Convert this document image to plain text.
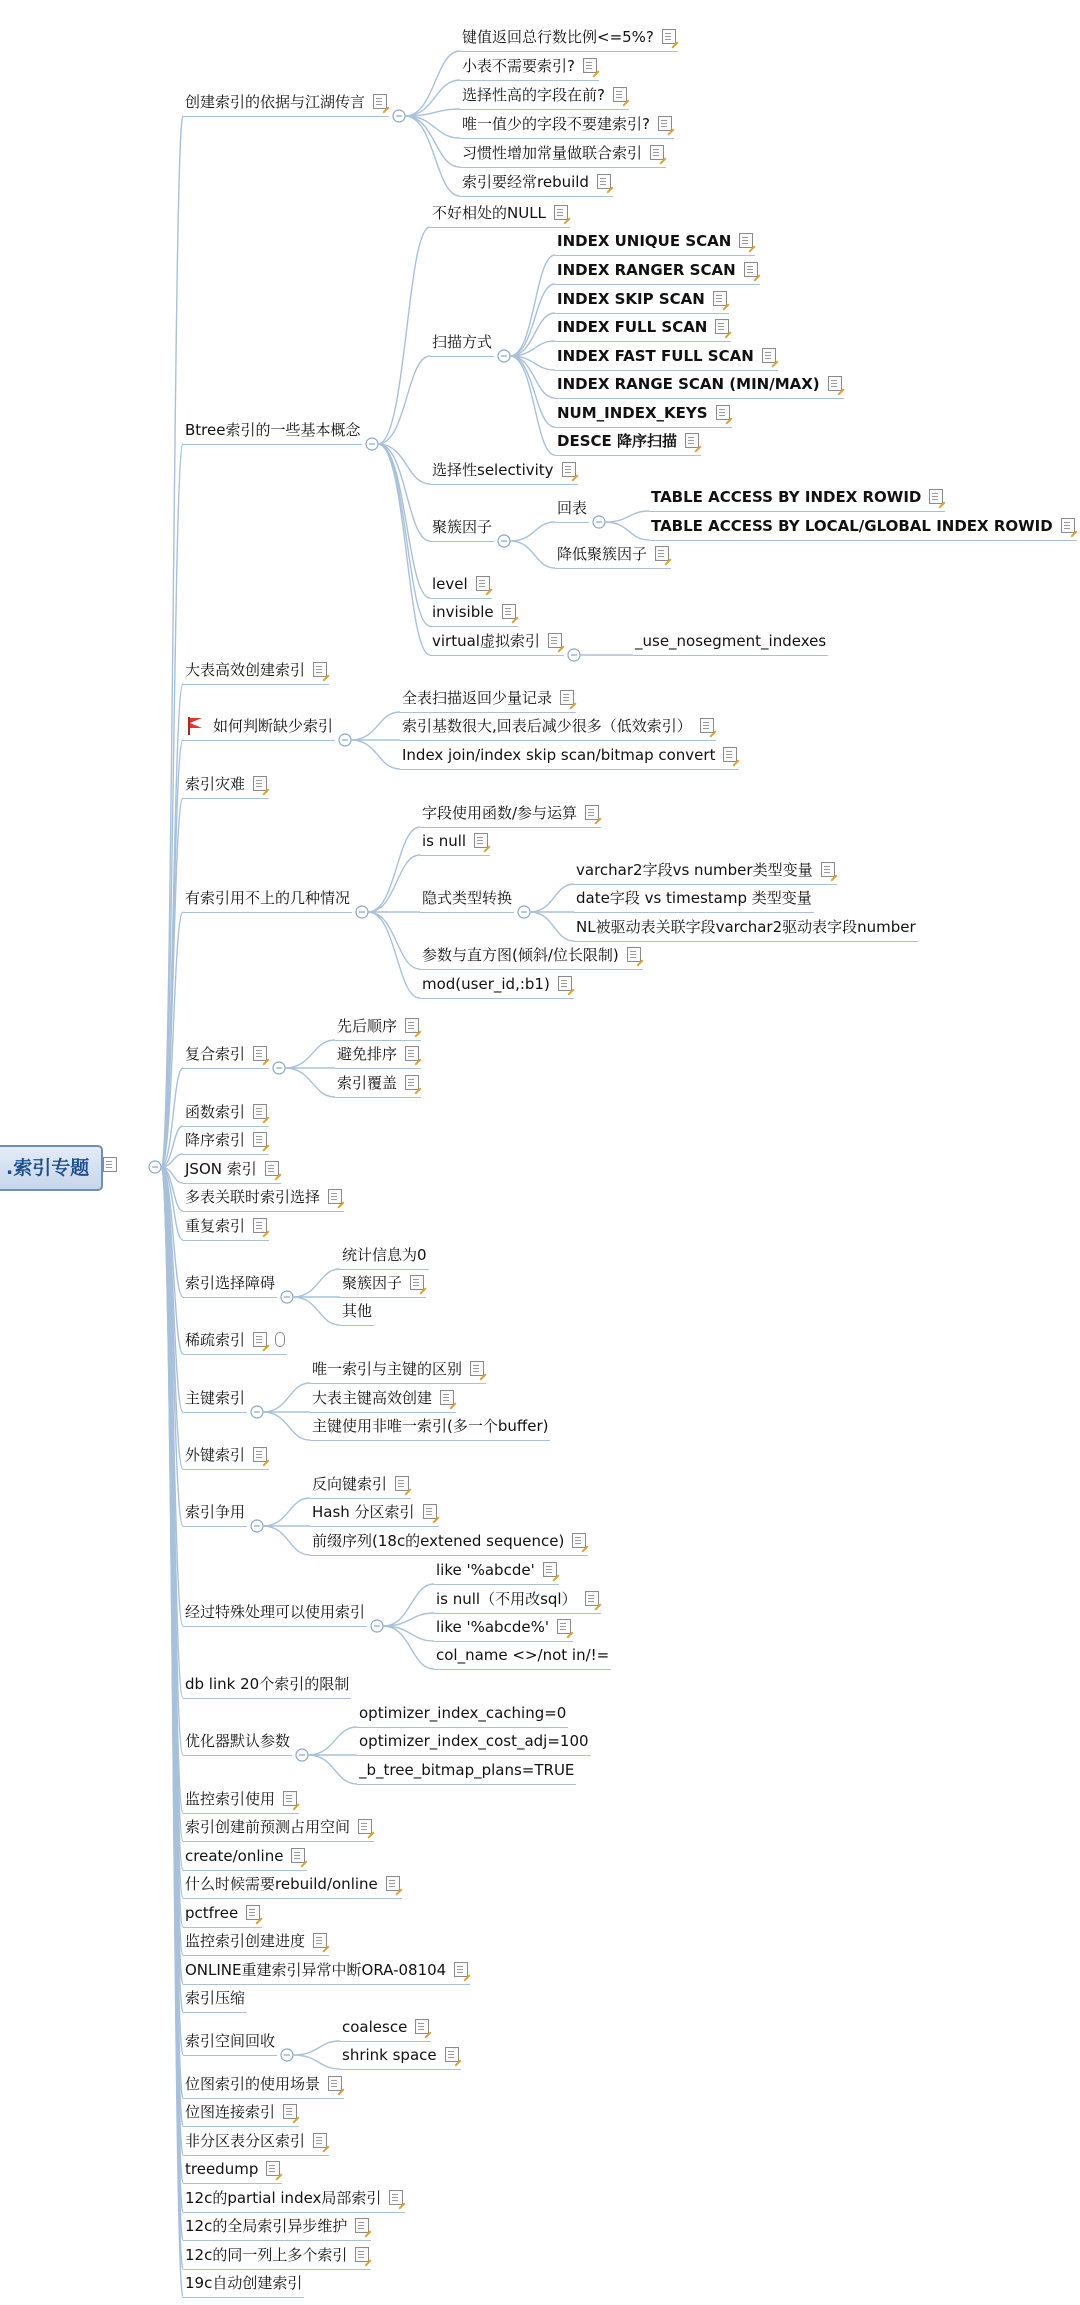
.索引专题
创建索引的依据与江湖传言
键值返回总行数比例<=5%?
小表不需要索引?
选择性高的字段在前?
唯一值少的字段不要建索引?
习惯性增加常量做联合索引
索引要经常rebuild
Btree索引的一些基本概念
不好相处的NULL
扫描方式
INDEX UNIQUE SCAN
INDEX RANGER SCAN
INDEX SKIP SCAN
INDEX FULL SCAN
INDEX FAST FULL SCAN
INDEX RANGE SCAN (MIN/MAX)
NUM_INDEX_KEYS
DESCE 降序扫描
选择性selectivity
聚簇因子
回表
TABLE ACCESS BY INDEX ROWID
TABLE ACCESS BY LOCAL/GLOBAL INDEX ROWID
降低聚簇因子
level
invisible
virtual虚拟索引	_use_nosegment_indexes
大表高效创建索引
如何判断缺少索引
全表扫描返回少量记录
索引基数很大,回表后减少很多（低效索引）
Index join/index skip scan/bitmap convert
索引灾难
有索引用不上的几种情况
字段使用函数/参与运算
is null
隐式类型转换
varchar2字段vs number类型变量
date字段 vs timestamp 类型变量
NL被驱动表关联字段varchar2驱动表字段number
参数与直方图(倾斜/位长限制)
mod(user_id,:b1)
复合索引
先后顺序
避免排序
索引覆盖
函数索引
降序索引
JSON 索引
多表关联时索引选择
重复索引
索引选择障碍
统计信息为0
聚簇因子
其他
稀疏索引
主键索引
唯一索引与主键的区别
大表主键高效创建
主键使用非唯一索引(多一个buffer)
外键索引
索引争用
反向键索引
Hash 分区索引
前缀序列(18c的extened sequence)
经过特殊处理可以使用索引
like '%abcde'
is null（不用改sql）
like '%abcde%'
col_name <>/not in/!=
db link 20个索引的限制
优化器默认参数
optimizer_index_caching=0
optimizer_index_cost_adj=100
_b_tree_bitmap_plans=TRUE
监控索引使用
索引创建前预测占用空间
create/online
什么时候需要rebuild/online
pctfree
监控索引创建进度
ONLINE重建索引异常中断ORA-08104
索引压缩
索引空间回收
coalesce
shrink space
位图索引的使用场景
位图连接索引
非分区表分区索引
treedump
12c的partial index局部索引
12c的全局索引异步维护
12c的同一列上多个索引
19c自动创建索引
